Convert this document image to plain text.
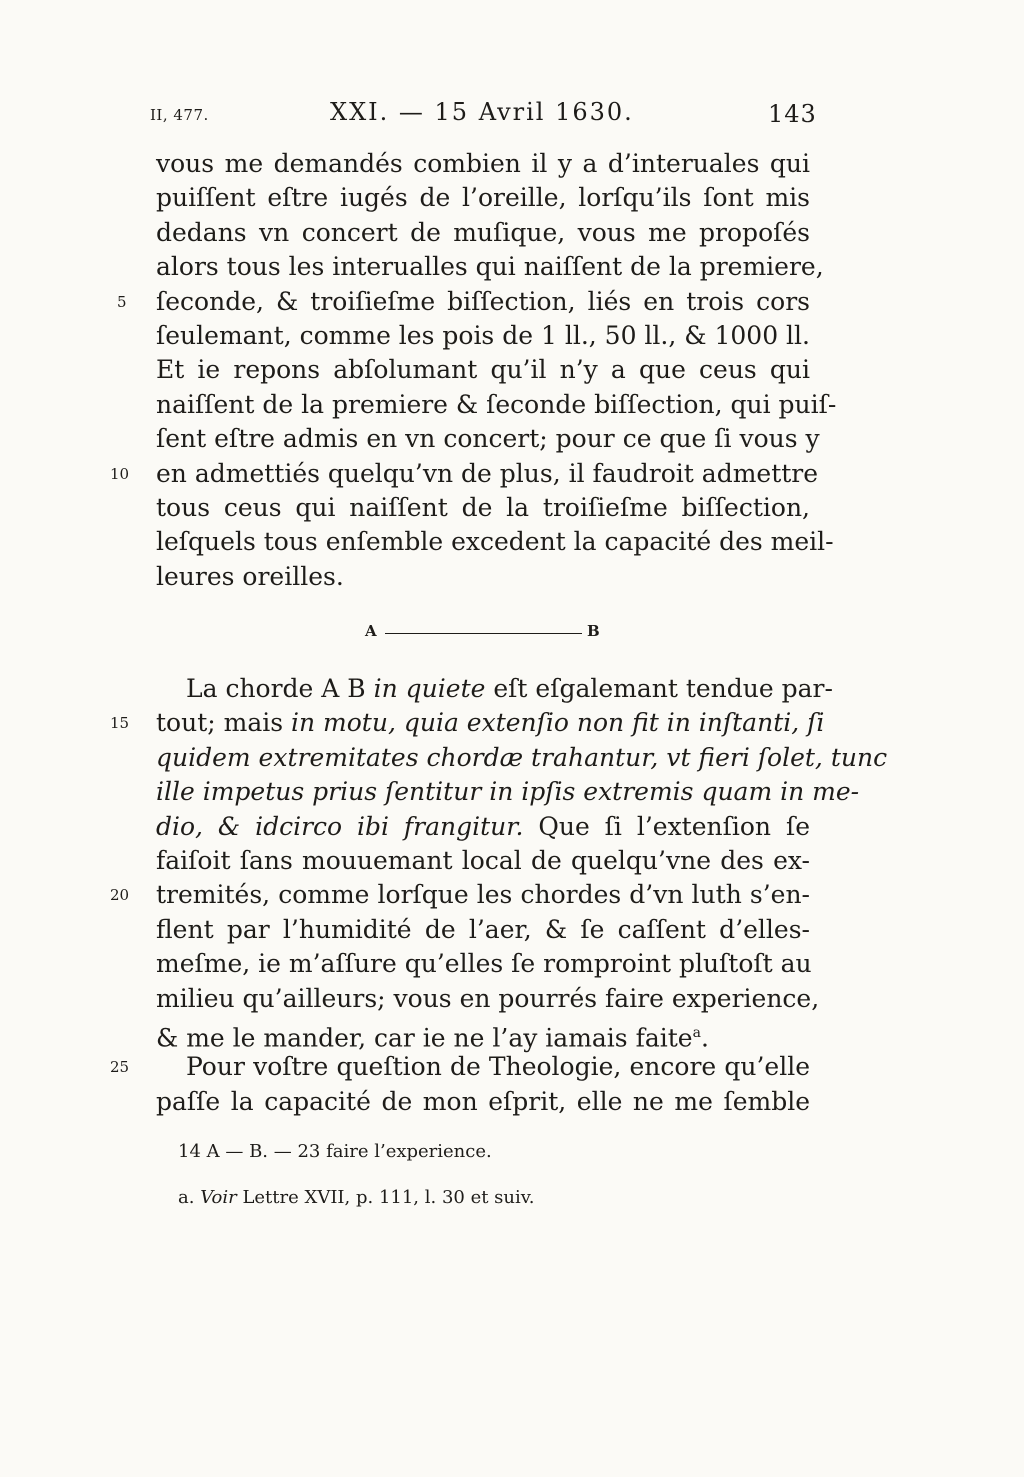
II, 477.	XXI. — 15 Avril 1630.	143
vous me demandés combien il y a d’interuales qui
puiſſent eſtre iugés de l’oreille, lorſqu’ils ſont mis
dedans vn concert de muſique, vous me propoſés
alors tous les interualles qui naiſſent de la premiere,
ſeconde, & troiſieſme biſſection, liés en trois cors
5
ſeulemant, comme les pois de 1 ll., 50 ll., & 1000 ll.
Et ie repons abſolumant qu’il n’y a que ceus qui
naiſſent de la premiere & ſeconde biſſection, qui puiſ-
ſent eſtre admis en vn concert; pour ce que ſi vous y
en admettiés quelqu’vn de plus, il faudroit admettre
10
tous ceus qui naiſſent de la troiſieſme biſſection,
leſquels tous enſemble excedent la capacité des meil-
leures oreilles.
A	B
La chorde A B in quiete eſt eſgalemant tendue par-
tout; mais in motu, quia extenſio non fit in inſtanti, ſi
15
quidem extremitates chordæ trahantur, vt fieri ſolet, tunc
ille impetus prius ſentitur in ipſis extremis quam in me-
dio, & idcirco ibi frangitur. Que ſi l’extenſion ſe
faiſoit ſans mouuemant local de quelqu’vne des ex-
tremités, comme lorſque les chordes d’vn luth s’en-
20
flent par l’humidité de l’aer, & ſe caſſent d’elles-
meſme, ie m’aſſure qu’elles ſe romproint pluſtoſt au
milieu qu’ailleurs; vous en pourrés faire experience,
& me le mander, car ie ne l’ay iamais faite$^a$.
Pour voſtre queſtion de Theologie, encore qu’elle
25
paſſe la capacité de mon eſprit, elle ne me ſemble
14 A — B. — 23 faire l’experience.
a. Voir Lettre XVII, p. 111, l. 30 et suiv.
